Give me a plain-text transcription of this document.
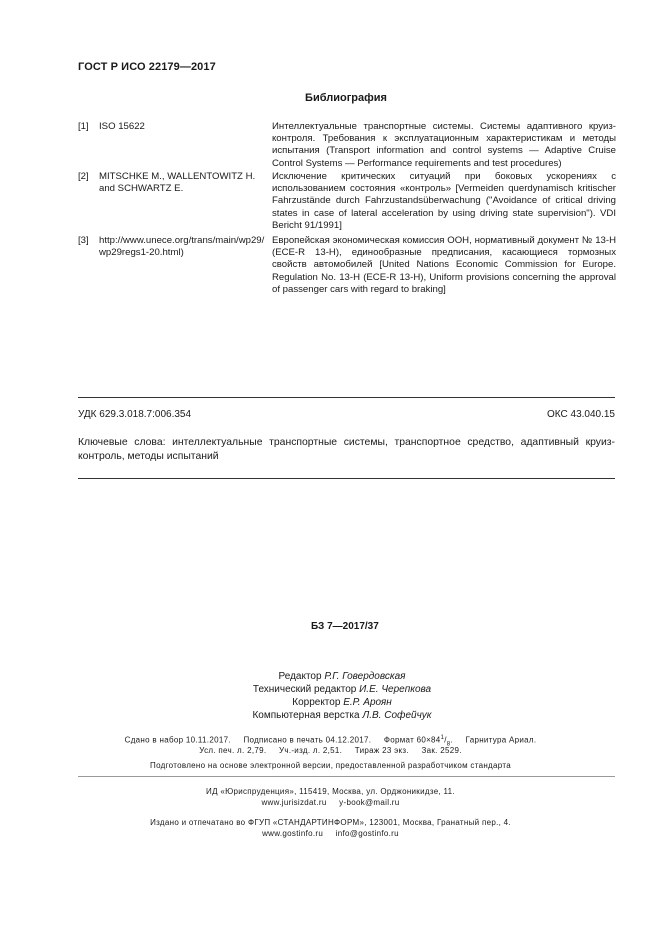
ГОСТ Р ИСО 22179—2017
Библиография
[1] ISO 15622	Интеллектуальные транспортные системы. Системы адаптивного круиз-контроля. Требования к эксплуатационным характеристикам и методы испытания (Transport information and control systems — Adaptive Cruise Control Systems — Performance requirements and test procedures)
[2] MITSCHKE M., WALLENTOWITZ H. and SCHWARTZ E.
Исключение критических ситуаций при боковых ускорениях с использованием состояния «контроль» [Vermeiden querdynamisch kritischer Fahrzustände durch Fahrzustandsüberwachung ("Avoidance of critical driving states in case of lateral acceleration by using driving state supervision"). VDI Bericht 91/1991]
[3] http://www.unece.org/trans/main/wp29/wp29regs1-20.html)
Европейская экономическая комиссия ООН, нормативный документ № 13-Н (ECE-R 13-H), единообразные предписания, касающиеся тормозных свойств автомобилей [United Nations Economic Commission for Europe. Regulation No. 13-H (ECE-R 13-H), Uniform provisions concerning the approval of passenger cars with regard to braking]
УДК 629.3.018.7:006.354	ОКС 43.040.15
Ключевые слова: интеллектуальные транспортные системы, транспортное средство, адаптивный круиз-контроль, методы испытаний
БЗ 7—2017/37
Редактор Р.Г. Говердовская
Технический редактор И.Е. Черепкова
Корректор Е.Р. Ароян
Компьютерная верстка Л.В. Софейчук
Сдано в набор 10.11.2017.     Подписано в печать 04.12.2017.     Формат $60\times 84^1/_8$.     Гарнитура Ариал.
Усл. печ. л. 2,79.     Уч.-изд. л. 2,51.     Тираж 23 экз.     Зак. 2529.
Подготовлено на основе электронной версии, предоставленной разработчиком стандарта
ИД «Юриспруденция», 115419, Москва, ул. Орджоникидзе, 11.
www.jurisizdat.ru     y-book@mail.ru
Издано и отпечатано во ФГУП «СТАНДАРТИНФОРМ», 123001, Москва, Гранатный пер., 4.
www.gostinfo.ru     info@gostinfo.ru
